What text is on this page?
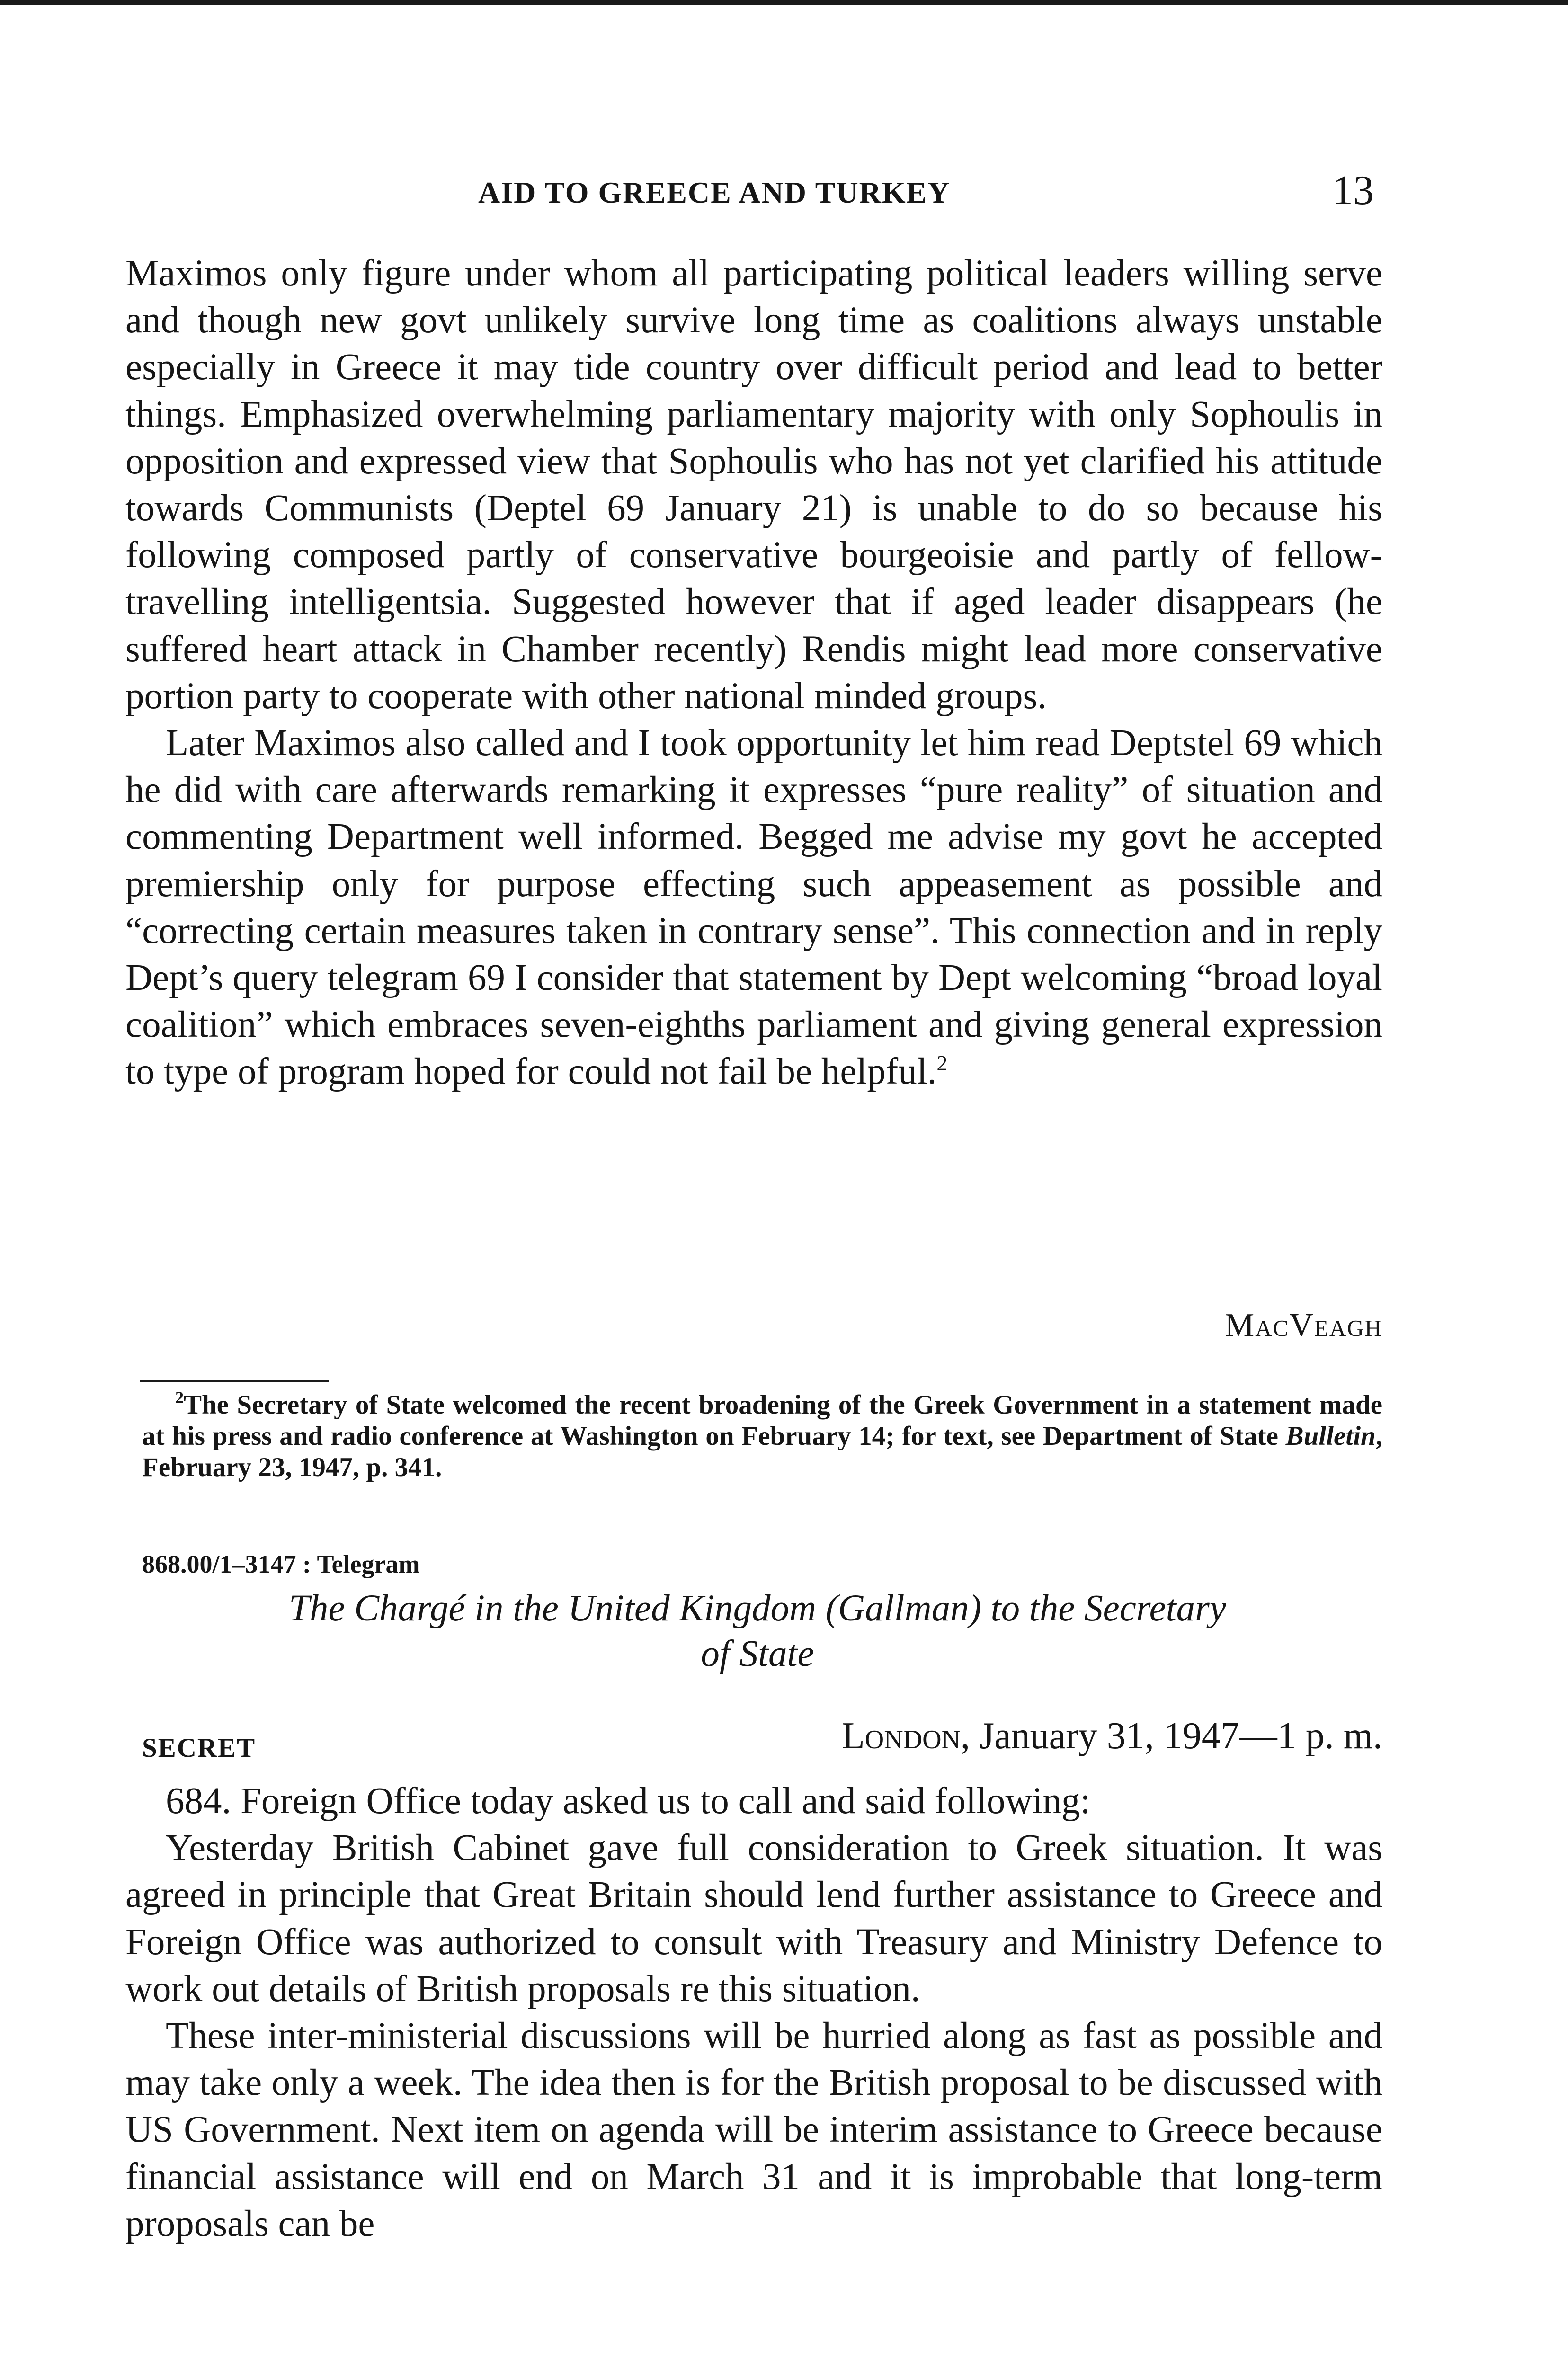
AID TO GREECE AND TURKEY	13

Maximos only figure under whom all participating political leaders willing serve and though new govt unlikely survive long time as coalitions always unstable especially in Greece it may tide country over difficult period and lead to better things. Emphasized overwhelming parliamentary majority with only Sophoulis in opposition and expressed view that Sophoulis who has not yet clarified his attitude towards Communists (Deptel 69 January 21) is unable to do so because his following composed partly of conservative bourgeoisie and partly of fellow-travelling intelligentsia. Suggested however that if aged leader disappears (he suffered heart attack in Chamber recently) Rendis might lead more conservative portion party to cooperate with other national minded groups.

Later Maximos also called and I took opportunity let him read Deptstel 69 which he did with care afterwards remarking it expresses “pure reality” of situation and commenting Department well informed. Begged me advise my govt he accepted premiership only for purpose effecting such appeasement as possible and “correcting certain measures taken in contrary sense”. This connection and in reply Dept’s query telegram 69 I consider that statement by Dept welcoming “broad loyal coalition” which embraces seven-eighths parliament and giving general expression to type of program hoped for could not fail be helpful.$^2$

MacVeagh

$^2$The Secretary of State welcomed the recent broadening of the Greek Government in a statement made at his press and radio conference at Washington on February 14; for text, see Department of State Bulletin, February 23, 1947, p. 341.

868.00/1–3147 : Telegram
The Chargé in the United Kingdom (Gallman) to the Secretary
of State
SECRET	London, January 31, 1947—1 p. m.

684. Foreign Office today asked us to call and said following:

Yesterday British Cabinet gave full consideration to Greek situation. It was agreed in principle that Great Britain should lend further assistance to Greece and Foreign Office was authorized to consult with Treasury and Ministry Defence to work out details of British proposals re this situation.

These inter-ministerial discussions will be hurried along as fast as possible and may take only a week. The idea then is for the British proposal to be discussed with US Government. Next item on agenda will be interim assistance to Greece because financial assistance will end on March 31 and it is improbable that long-term proposals can be
